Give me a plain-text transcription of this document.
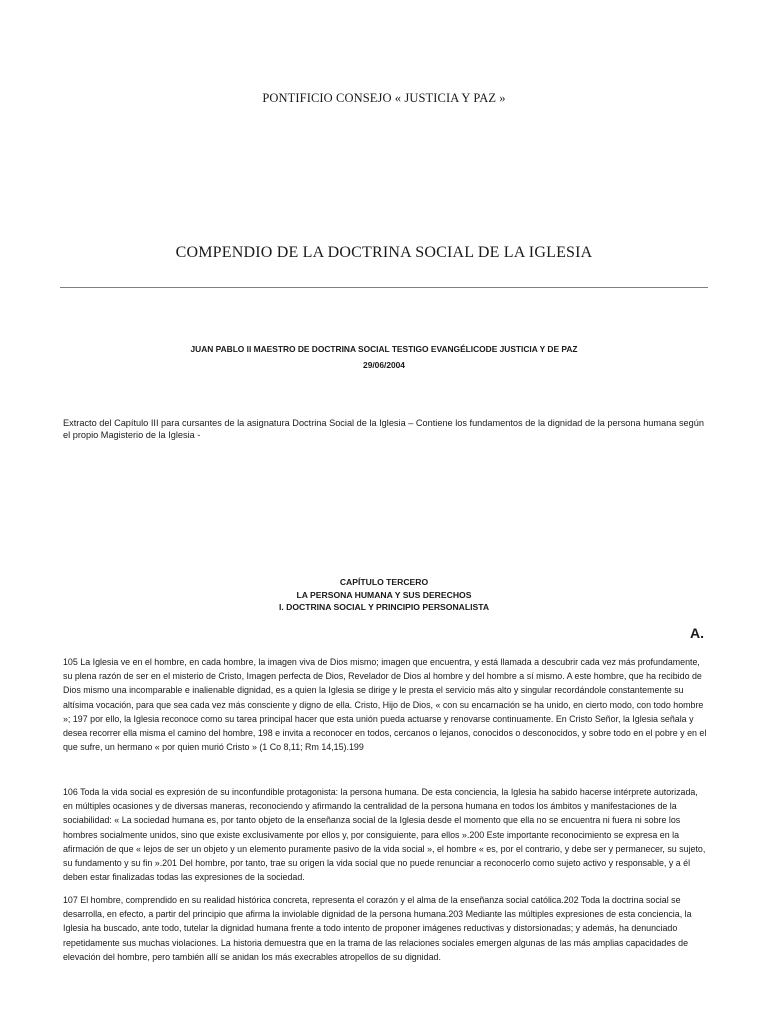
PONTIFICIO CONSEJO « JUSTICIA Y PAZ »
COMPENDIO DE LA DOCTRINA SOCIAL DE LA IGLESIA
JUAN PABLO II MAESTRO DE DOCTRINA SOCIAL TESTIGO EVANGÉLICODE JUSTICIA Y DE PAZ
29/06/2004
Extracto del Capítulo III para cursantes de la asignatura Doctrina Social de la Iglesia – Contiene los fundamentos de la dignidad de la persona humana según el propio Magisterio de la Iglesia -
CAPÍTULO TERCERO
LA PERSONA HUMANA Y SUS DERECHOS
I. DOCTRINA SOCIAL Y PRINCIPIO PERSONALISTA
A.

105 La Iglesia ve en el hombre, en cada hombre, la imagen viva de Dios mismo; imagen que encuentra, y está llamada a descubrir cada vez más profundamente, su plena razón de ser en el misterio de Cristo, Imagen perfecta de Dios, Revelador de Dios al hombre y del hombre a sí mismo. A este hombre, que ha recibido de Dios mismo una incomparable e inalienable dignidad, es a quien la Iglesia se dirige y le presta el servicio más alto y singular recordándole constantemente su altísima vocación, para que sea cada vez más consciente y digno de ella. Cristo, Hijo de Dios, « con su encarnación se ha unido, en cierto modo, con todo hombre »; 197 por ello, la Iglesia reconoce como su tarea principal hacer que esta unión pueda actuarse y renovarse continuamente. En Cristo Señor, la Iglesia señala y desea recorrer ella misma el camino del hombre, 198 e invita a reconocer en todos, cercanos o lejanos, conocidos o desconocidos, y sobre todo en el pobre y en el que sufre, un hermano « por quien murió Cristo » (1 Co 8,11; Rm 14,15).199

106 Toda la vida social es expresión de su inconfundible protagonista: la persona humana. De esta conciencia, la Iglesia ha sabido hacerse intérprete autorizada, en múltiples ocasiones y de diversas maneras, reconociendo y afirmando la centralidad de la persona humana en todos los ámbitos y manifestaciones de la sociabilidad: « La sociedad humana es, por tanto objeto de la enseñanza social de la Iglesia desde el momento que ella no se encuentra ni fuera ni sobre los hombres socialmente unidos, sino que existe exclusivamente por ellos y, por consiguiente, para ellos ».200 Este importante reconocimiento se expresa en la afirmación de que « lejos de ser un objeto y un elemento puramente pasivo de la vida social », el hombre « es, por el contrario, y debe ser y permanecer, su sujeto, su fundamento y su fin ».201 Del hombre, por tanto, trae su origen la vida social que no puede renunciar a reconocerlo como sujeto activo y responsable, y a él deben estar finalizadas todas las expresiones de la sociedad.

107 El hombre, comprendido en su realidad histórica concreta, representa el corazón y el alma de la enseñanza social católica.202 Toda la doctrina social se desarrolla, en efecto, a partir del principio que afirma la inviolable dignidad de la persona humana.203 Mediante las múltiples expresiones de esta conciencia, la Iglesia ha buscado, ante todo, tutelar la dignidad humana frente a todo intento de proponer imágenes reductivas y distorsionadas; y además, ha denunciado repetidamente sus muchas violaciones. La historia demuestra que en la trama de las relaciones sociales emergen algunas de las más amplias capacidades de elevación del hombre, pero también allí se anidan los más execrables atropellos de su dignidad.
